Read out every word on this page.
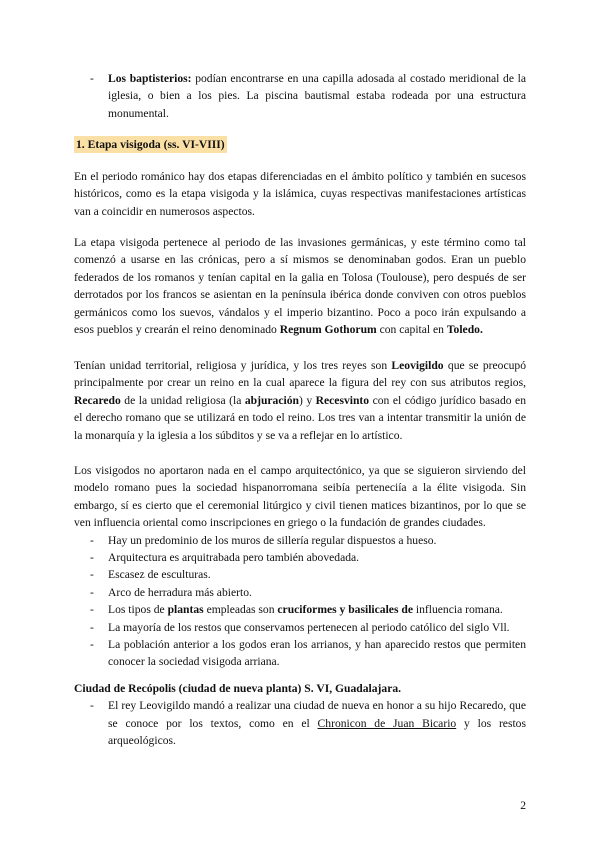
- Los baptisterios: podían encontrarse en una capilla adosada al costado meridional de la iglesia, o bien a los pies. La piscina bautismal estaba rodeada por una estructura monumental.
1. Etapa visigoda (ss. VI-VIII)

En el periodo románico hay dos etapas diferenciadas en el ámbito político y también en sucesos históricos, como es la etapa visigoda y la islámica, cuyas respectivas manifestaciones artísticas van a coincidir en numerosos aspectos.

La etapa visigoda pertenece al periodo de las invasiones germánicas, y este término como tal comenzó a usarse en las crónicas, pero a sí mismos se denominaban godos. Eran un pueblo federados de los romanos y tenían capital en la galia en Tolosa (Toulouse), pero después de ser derrotados por los francos se asientan en la península ibérica donde conviven con otros pueblos germánicos como los suevos, vándalos y el imperio bizantino. Poco a poco irán expulsando a esos pueblos y crearán el reino denominado Regnum Gothorum con capital en Toledo.

Tenían unidad territorial, religiosa y jurídica, y los tres reyes son Leovigildo que se preocupó principalmente por crear un reino en la cual aparece la figura del rey con sus atributos regios, Recaredo de la unidad religiosa (la abjuración) y Recesvinto con el código jurídico basado en el derecho romano que se utilizará en todo el reino. Los tres van a intentar transmitir la unión de la monarquía y la iglesia a los súbditos y se va a reflejar en lo artístico.

Los visigodos no aportaron nada en el campo arquitectónico, ya que se siguieron sirviendo del modelo romano pues la sociedad hispanorromana seibía perteneciía a la élite visigoda. Sin embargo, sí es cierto que el ceremonial litúrgico y civil tienen matices bizantinos, por lo que se ven influencia oriental como inscripciones en griego o la fundación de grandes ciudades.

- Hay un predominio de los muros de sillería regular dispuestos a hueso.
- Arquitectura es arquitrabada pero también abovedada.
- Escasez de esculturas.
- Arco de herradura más abierto.
- Los tipos de plantas empleadas son cruciformes y basilicales de influencia romana.
- La mayoría de los restos que conservamos pertenecen al periodo católico del siglo Vll.
- La población anterior a los godos eran los arrianos, y han aparecido restos que permiten conocer la sociedad visigoda arriana.

Ciudad de Recópolis (ciudad de nueva planta) S. VI, Guadalajara.

- El rey Leovigildo mandó a realizar una ciudad de nueva en honor a su hijo Recaredo, que se conoce por los textos, como en el Chronicon de Juan Bicario y los restos arqueológicos.
2
